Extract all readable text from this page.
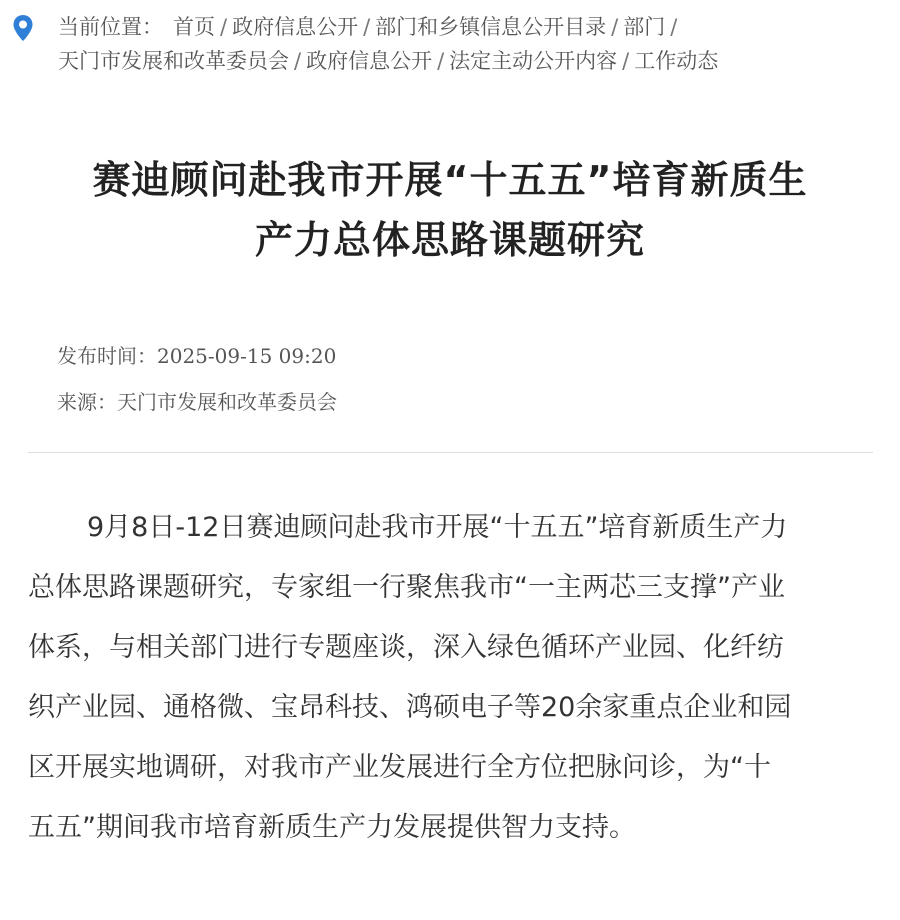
当前位置： 首页 / 政府信息公开 / 部门和乡镇信息公开目录 / 部门 /
天门市发展和改革委员会 / 政府信息公开 / 法定主动公开内容 / 工作动态
赛迪顾问赴我市开展“十五五”培育新质生
产力总体思路课题研究
发布时间：2025-09-15 09:20
来源：天门市发展和改革委员会
9月8日-12日赛迪顾问赴我市开展“十五五”培育新质生产力
总体思路课题研究，专家组一行聚焦我市“一主两芯三支撑”产业
体系，与相关部门进行专题座谈，深入绿色循环产业园、化纤纺
织产业园、通格微、宝昂科技、鸿硕电子等20余家重点企业和园
区开展实地调研，对我市产业发展进行全方位把脉问诊，为“十
五五”期间我市培育新质生产力发展提供智力支持。
